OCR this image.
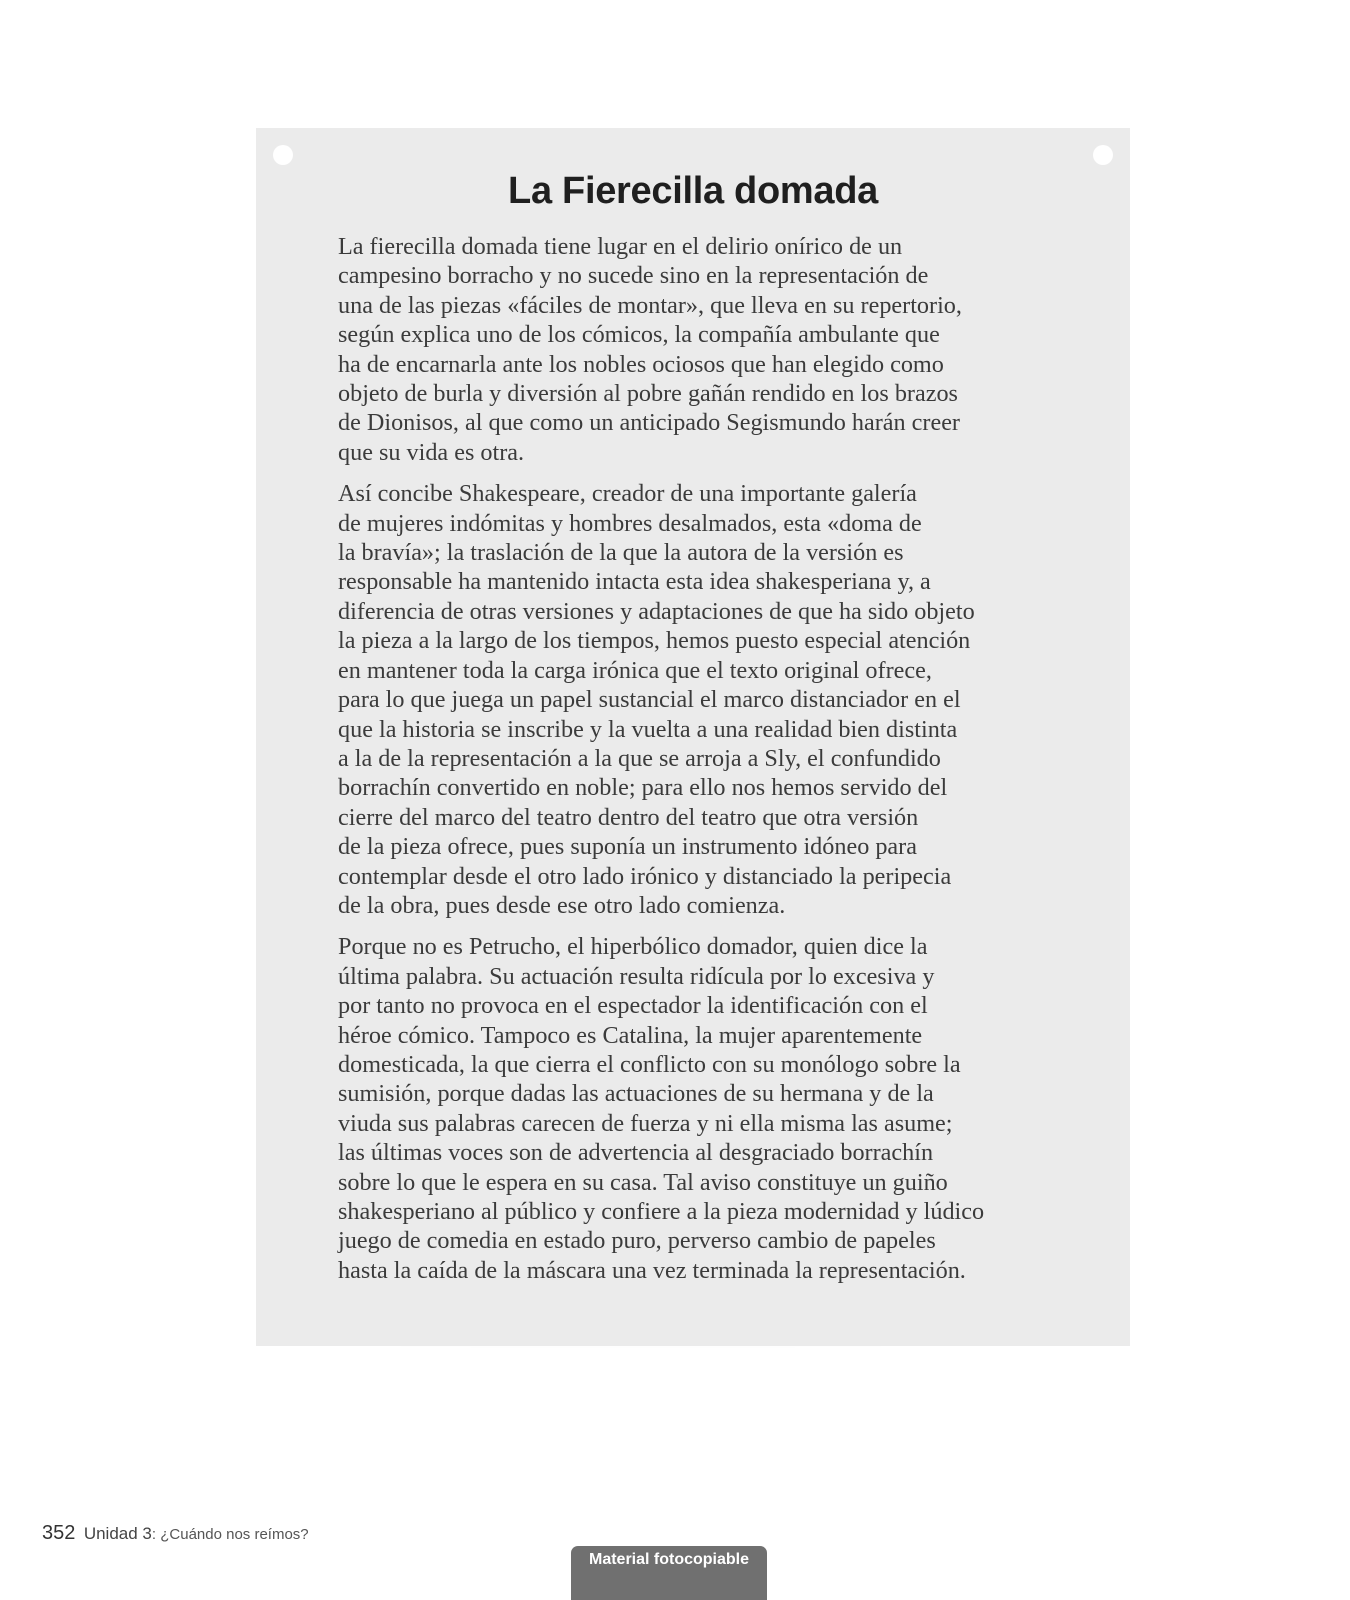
La Fierecilla domada

La fierecilla domada tiene lugar en el delirio onírico de un
campesino borracho y no sucede sino en la representación de
una de las piezas «fáciles de montar», que lleva en su repertorio,
según explica uno de los cómicos, la compañía ambulante que
ha de encarnarla ante los nobles ociosos que han elegido como
objeto de burla y diversión al pobre gañán rendido en los brazos
de Dionisos, al que como un anticipado Segismundo harán creer
que su vida es otra.

Así concibe Shakespeare, creador de una importante galería
de mujeres indómitas y hombres desalmados, esta «doma de
la bravía»; la traslación de la que la autora de la versión es
responsable ha mantenido intacta esta idea shakesperiana y, a
diferencia de otras versiones y adaptaciones de que ha sido objeto
la pieza a la largo de los tiempos, hemos puesto especial atención
en mantener toda la carga irónica que el texto original ofrece,
para lo que juega un papel sustancial el marco distanciador en el
que la historia se inscribe y la vuelta a una realidad bien distinta
a la de la representación a la que se arroja a Sly, el confundido
borrachín convertido en noble; para ello nos hemos servido del
cierre del marco del teatro dentro del teatro que otra versión
de la pieza ofrece, pues suponía un instrumento idóneo para
contemplar desde el otro lado irónico y distanciado la peripecia
de la obra, pues desde ese otro lado comienza.

Porque no es Petrucho, el hiperbólico domador, quien dice la
última palabra. Su actuación resulta ridícula por lo excesiva y
por tanto no provoca en el espectador la identificación con el
héroe cómico. Tampoco es Catalina, la mujer aparentemente
domesticada, la que cierra el conflicto con su monólogo sobre la
sumisión, porque dadas las actuaciones de su hermana y de la
viuda sus palabras carecen de fuerza y ni ella misma las asume;
las últimas voces son de advertencia al desgraciado borrachín
sobre lo que le espera en su casa. Tal aviso constituye un guiño
shakesperiano al público y confiere a la pieza modernidad y lúdico
juego de comedia en estado puro, perverso cambio de papeles
hasta la caída de la máscara una vez terminada la representación.

352 Unidad 3: ¿Cuándo nos reímos?
Material fotocopiable
